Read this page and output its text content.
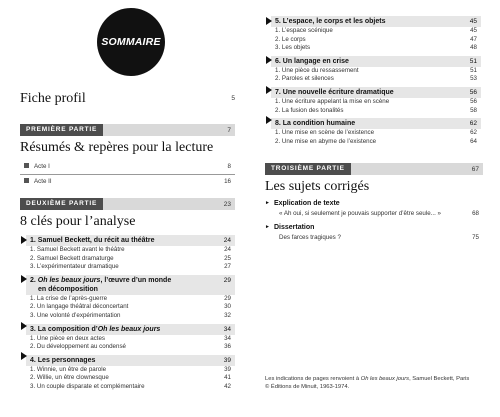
SOMMAIRE
Fiche profil	5
PREMIÈRE PARTIE	7
Résumés & repères pour la lecture
Acte I	8
Acte II	16
DEUXIÈME PARTIE	23
8 clés pour l’analyse
1. Samuel Beckett, du récit au théâtre	24
1. Samuel Beckett avant le théâtre	24
2. Samuel Beckett dramaturge	25
3. L’expérimentateur dramatique	27
2. Oh les beaux jours, l’œuvre d’un monde	29
en décomposition
1. La crise de l’après-guerre	29
2. Un langage théâtral déconcertant	30
3. Une volonté d’expérimentation	32
3. La composition d’Oh les beaux jours	34
1. Une pièce en deux actes	34
2. Du développement au condensé	36
4. Les personnages	39
1. Winnie, un être de parole	39
2. Willie, un être clownesque	41
3. Un couple disparate et complémentaire	42
5. L’espace, le corps et les objets	45
1. L’espace scénique	45
2. Le corps	47
3. Les objets	48
6. Un langage en crise	51
1. Une pièce du ressassement	51
2. Paroles et silences	53
7. Une nouvelle écriture dramatique	56
1. Une écriture appelant la mise en scène	56
2. La fusion des tonalités	58
8. La condition humaine	62
1. Une mise en scène de l’existence	62
2. Une mise en abyme de l’existence	64
TROISIÈME PARTIE	67
Les sujets corrigés
► Explication de texte
« Ah oui, si seulement je pouvais supporter d’être seule... »	68
► Dissertation
Des farces tragiques ?	75
Les indications de pages renvoient à Oh les beaux jours, Samuel Beckett, Paris
© Éditions de Minuit, 1963-1974.
